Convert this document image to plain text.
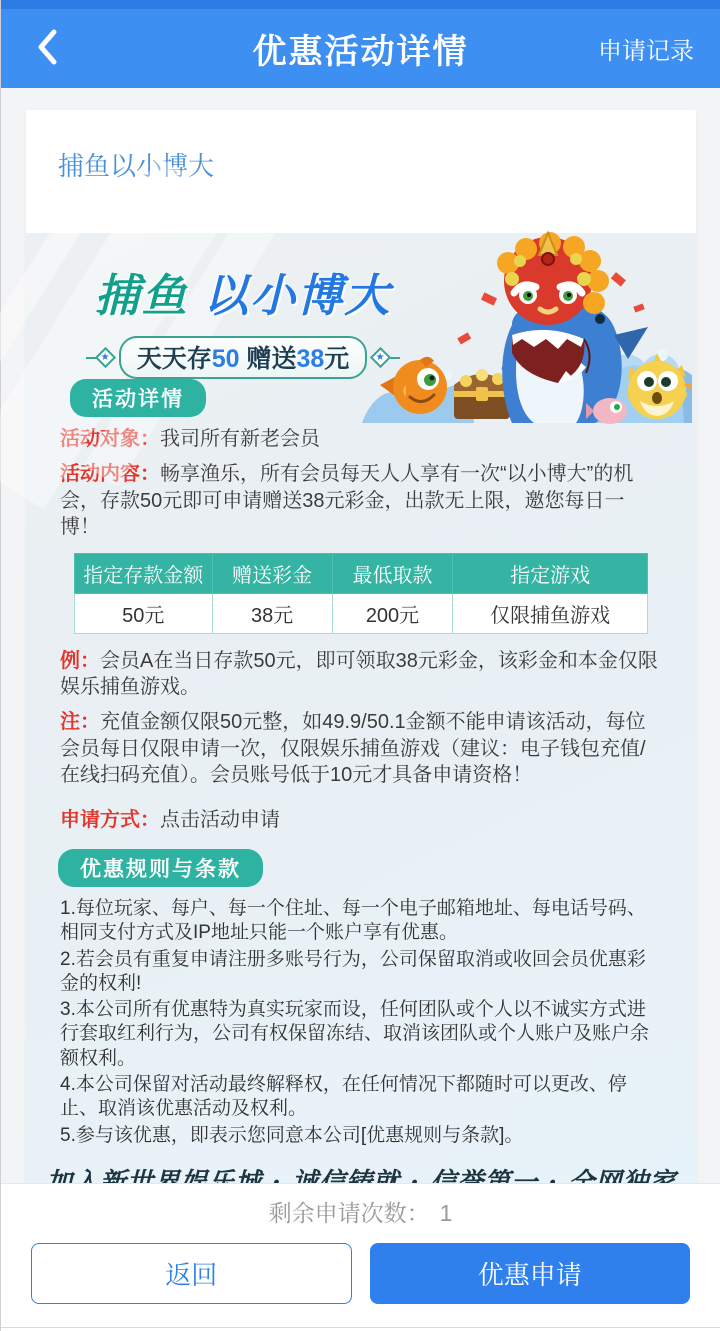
优惠活动详情	申请记录
捕鱼以小博大
捕鱼 以小博大
★	天天存50 赠送38元	★
活动详情

活动对象：我司所有新老会员

活动内容：畅享渔乐，所有会员每天人人享有一次“以小博大”的机会，存款50元即可申请赠送38元彩金，出款无上限，邀您每日一博！

指定存款金额	赠送彩金	最低取款	指定游戏
50元	38元	200元	仅限捕鱼游戏

例：会员A在当日存款50元，即可领取38元彩金，该彩金和本金仅限娱乐捕鱼游戏。

注：充值金额仅限50元整，如49.9/50.1金额不能申请该活动，每位会员每日仅限申请一次，仅限娱乐捕鱼游戏（建议：电子钱包充值/在线扫码充值）。会员账号低于10元才具备申请资格！

申请方式：点击活动申请

优惠规则与条款
1.每位玩家、每户、每一个住址、每一个电子邮箱地址、每电话号码、相同支付方式及IP地址只能一个账户享有优惠。
2.若会员有重复申请注册多账号行为，公司保留取消或收回会员优惠彩金的权利!
3.本公司所有优惠特为真实玩家而设，任何团队或个人以不诚实方式进行套取红利行为，公司有权保留冻结、取消该团队或个人账户及账户余额权利。
4.本公司保留对活动最终解释权，在任何情况下都随时可以更改、停止、取消该优惠活动及权利。
5.参与该优惠，即表示您同意本公司[优惠规则与条款]。
剩余申请次数： 1
返回	优惠申请
